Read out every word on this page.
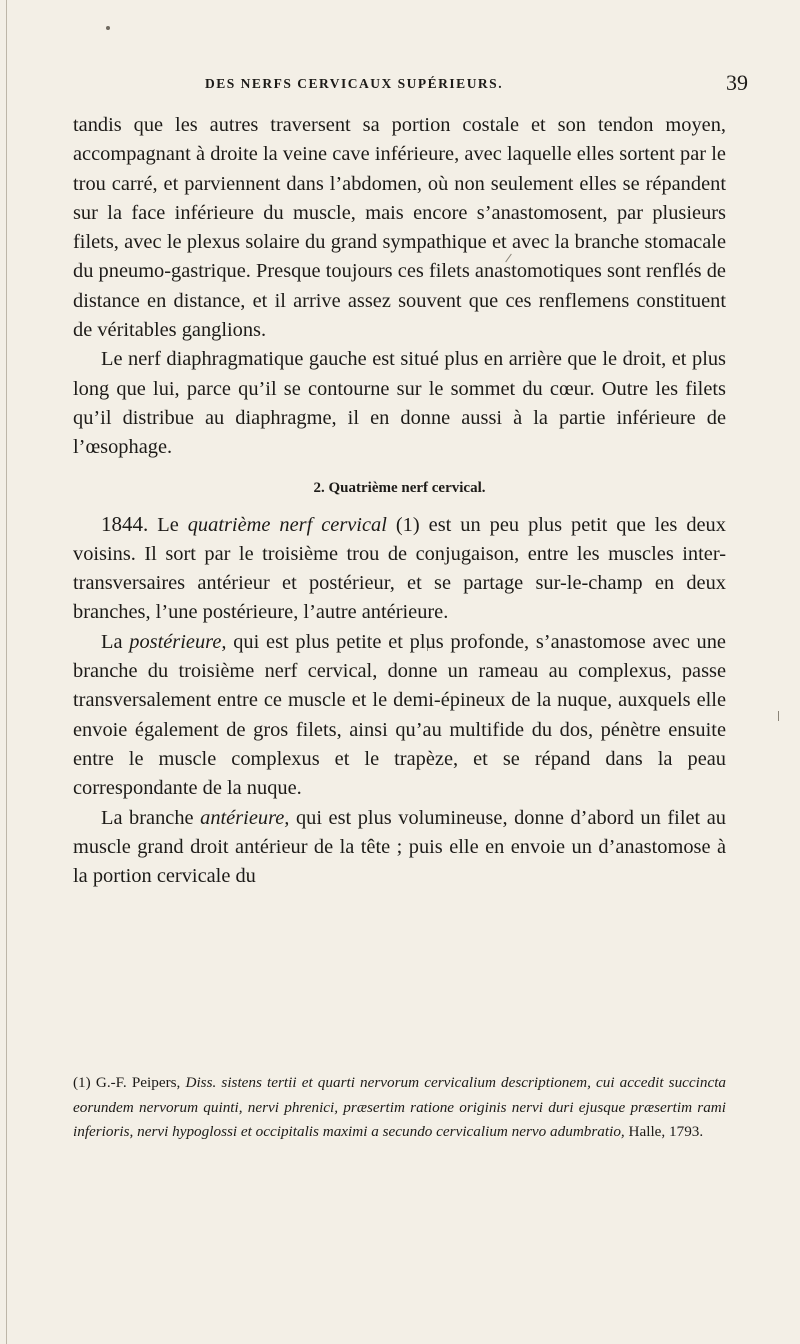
DES NERFS CERVICAUX SUPÉRIEURS.	39

tandis que les autres traversent sa portion costale et son tendon moyen, accompagnant à droite la veine cave inférieure, avec laquelle elles sortent par le trou carré, et parviennent dans l’abdomen, où non seulement elles se répandent sur la face inférieure du muscle, mais encore s’anastomosent, par plusieurs filets, avec le plexus solaire du grand sympathique et avec la branche stomacale du pneumo-gastrique. Presque toujours ces filets anastomotiques sont renflés de distance en distance, et il arrive assez souvent que ces renflemens constituent de véritables ganglions.

Le nerf diaphragmatique gauche est situé plus en arrière que le droit, et plus long que lui, parce qu’il se contourne sur le sommet du cœur. Outre les filets qu’il distribue au diaphragme, il en donne aussi à la partie inférieure de l’œsophage.

2. Quatrième nerf cervical.

1844. Le quatrième nerf cervical (1) est un peu plus petit que les deux voisins. Il sort par le troisième trou de conjugaison, entre les muscles inter-transversaires antérieur et postérieur, et se partage sur-le-champ en deux branches, l’une postérieure, l’autre antérieure.

La postérieure, qui est plus petite et plus profonde, s’anastomose avec une branche du troisième nerf cervical, donne un rameau au complexus, passe transversalement entre ce muscle et le demi-épineux de la nuque, auxquels elle envoie également de gros filets, ainsi qu’au multifide du dos, pénètre ensuite entre le muscle complexus et le trapèze, et se répand dans la peau correspondante de la nuque.

La branche antérieure, qui est plus volumineuse, donne d’abord un filet au muscle grand droit antérieur de la tête ; puis elle en envoie un d’anastomose à la portion cervicale du

(1) G.-F. Peipers, Diss. sistens tertii et quarti nervorum cervicalium descriptionem, cui accedit succincta eorundem nervorum quinti, nervi phrenici, præsertim ratione originis nervi duri ejusque præsertim rami inferioris, nervi hypoglossi et occipitalis maximi a secundo cervicalium nervo adumbratio, Halle, 1793.
